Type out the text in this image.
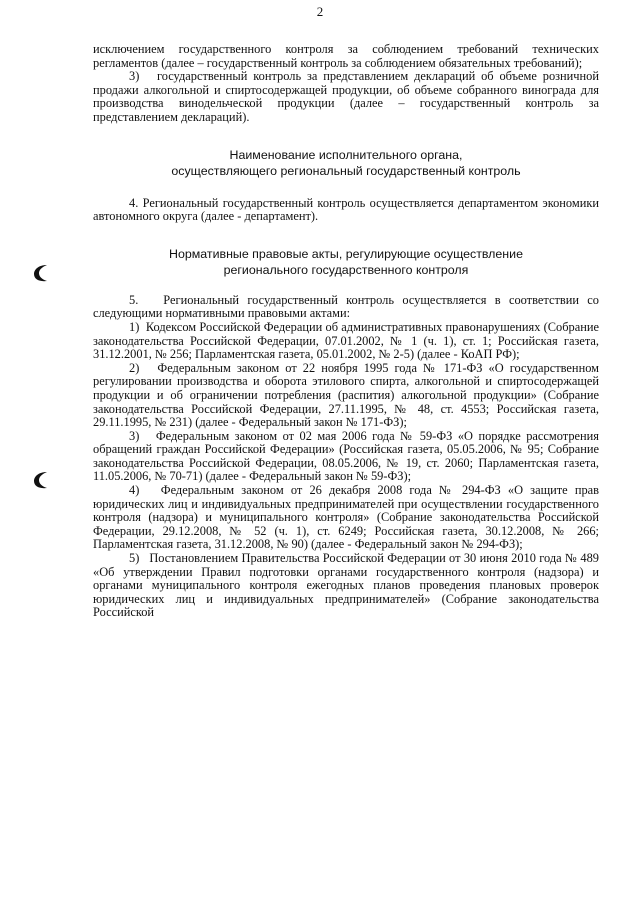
2

исключением государственного контроля за соблюдением требований технических регламентов (далее – государственный контроль за соблюдением обязательных требований);

3)   государственный контроль за представлением деклараций об объеме розничной продажи алкогольной и спиртосодержащей продукции, об объеме собранного винограда для производства винодельческой продукции (далее – государственный контроль за представлением деклараций).

Наименование исполнительного органа,

осуществляющего региональный государственный контроль

4. Региональный государственный контроль осуществляется департаментом экономики автономного округа (далее - департамент).

Нормативные правовые акты, регулирующие осуществление

регионального государственного контроля

5.   Региональный государственный контроль осуществляется в соответствии со следующими нормативными правовыми актами:

1)  Кодексом Российской Федерации об административных правонарушениях (Собрание законодательства Российской Федерации, 07.01.2002, № 1 (ч. 1), ст. 1; Российская газета, 31.12.2001, № 256; Парламентская газета, 05.01.2002, № 2-5) (далее - КоАП РФ);

2)   Федеральным законом от 22 ноября 1995 года № 171-ФЗ «О государственном регулировании производства и оборота этилового спирта, алкогольной и спиртосодержащей продукции и об ограничении потребления (распития) алкогольной продукции» (Собрание законодательства Российской Федерации, 27.11.1995, № 48, ст. 4553; Российская газета, 29.11.1995, № 231) (далее - Федеральный закон № 171-ФЗ);

3)   Федеральным законом от 02 мая 2006 года № 59-ФЗ «О порядке рассмотрения обращений граждан Российской Федерации» (Российская газета, 05.05.2006, № 95; Собрание законодательства Российской Федерации, 08.05.2006, № 19, ст. 2060; Парламентская газета, 11.05.2006, № 70-71) (далее - Федеральный закон № 59-ФЗ);

4)   Федеральным законом от 26 декабря 2008 года № 294-ФЗ «О защите прав юридических лиц и индивидуальных предпринимателей при осуществлении государственного контроля (надзора) и муниципального контроля» (Собрание законодательства Российской Федерации, 29.12.2008, № 52 (ч. 1), ст. 6249; Российская газета, 30.12.2008, № 266; Парламентская газета, 31.12.2008, № 90) (далее - Федеральный закон № 294-ФЗ);

5)   Постановлением Правительства Российской Федерации от 30 июня 2010 года № 489 «Об утверждении Правил подготовки органами государственного контроля (надзора) и органами муниципального контроля ежегодных планов проведения плановых проверок юридических лиц и индивидуальных предпринимателей» (Собрание законодательства Российской
